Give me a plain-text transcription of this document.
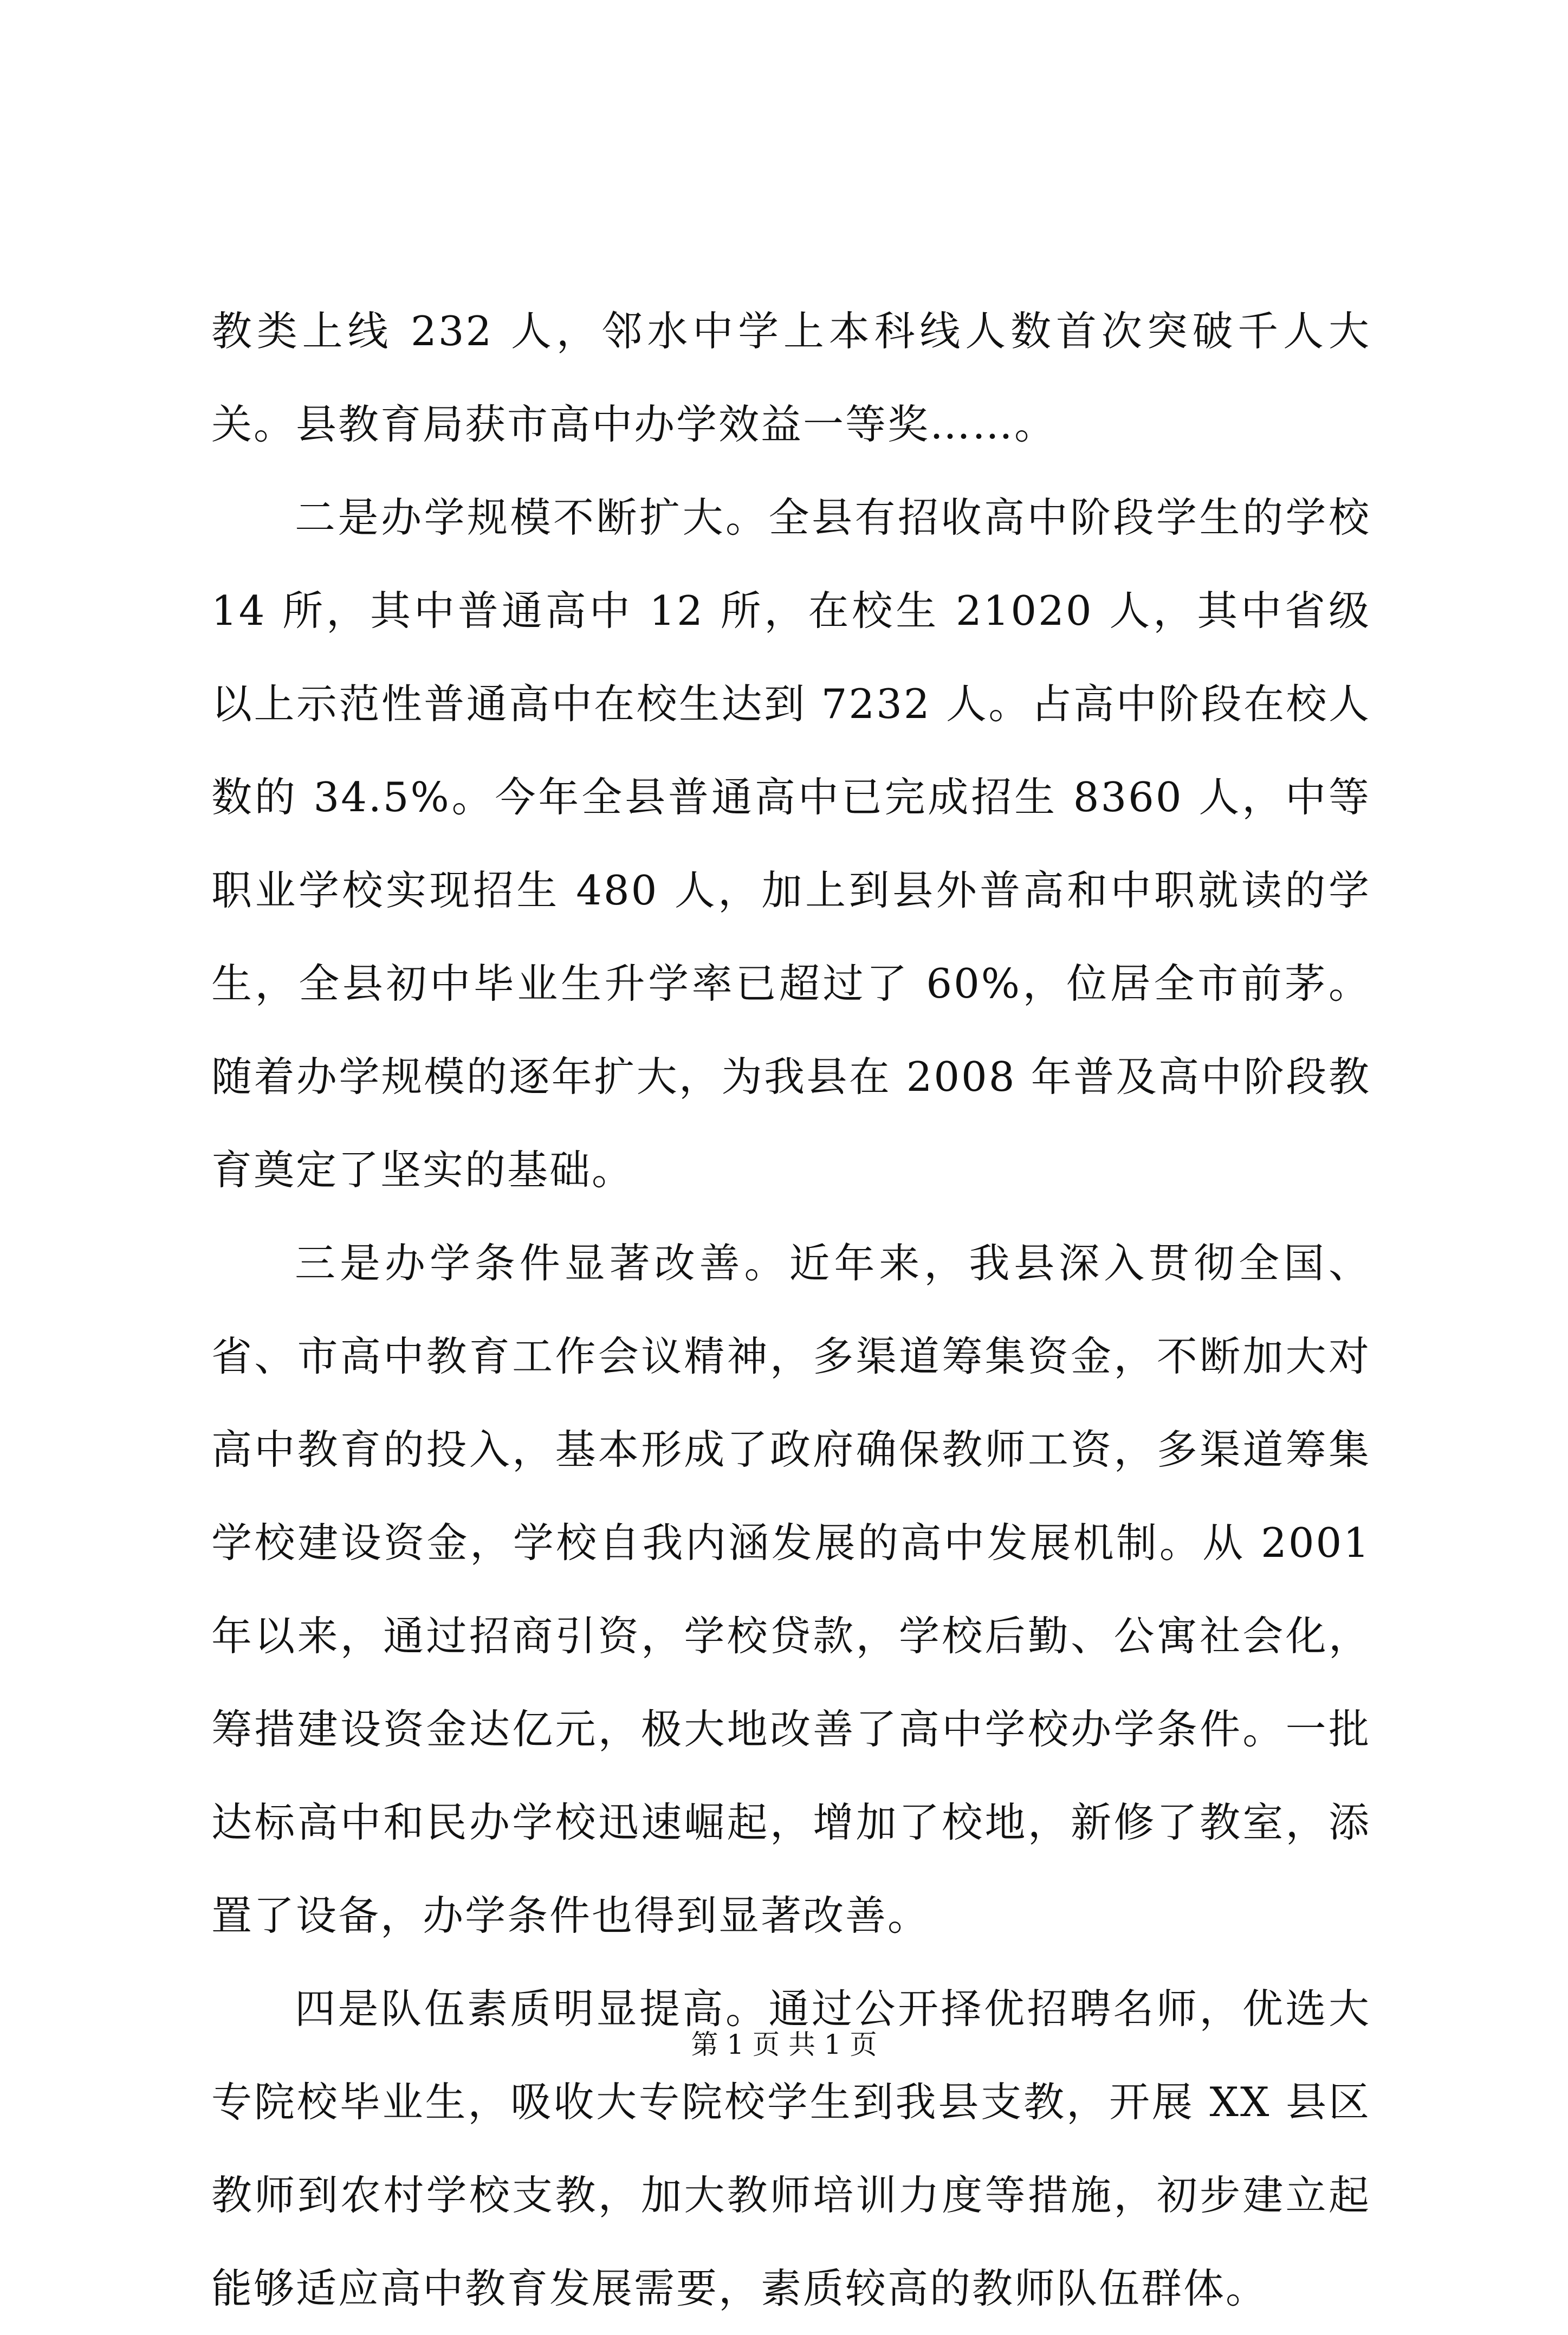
教类上线 232 人，邻水中学上本科线人数首次突破千人大关。县教育局获市高中办学效益一等奖……。

二是办学规模不断扩大。全县有招收高中阶段学生的学校 14 所，其中普通高中 12 所，在校生 21020 人，其中省级以上示范性普通高中在校生达到 7232 人。占高中阶段在校人数的 34.5%。今年全县普通高中已完成招生 8360 人，中等职业学校实现招生 480 人，加上到县外普高和中职就读的学生，全县初中毕业生升学率已超过了 60%，位居全市前茅。随着办学规模的逐年扩大，为我县在 2008 年普及高中阶段教育奠定了坚实的基础。

三是办学条件显著改善。近年来，我县深入贯彻全国、省、市高中教育工作会议精神，多渠道筹集资金，不断加大对高中教育的投入，基本形成了政府确保教师工资，多渠道筹集学校建设资金，学校自我内涵发展的高中发展机制。从 2001 年以来，通过招商引资，学校贷款，学校后勤、公寓社会化，筹措建设资金达亿元，极大地改善了高中学校办学条件。一批达标高中和民办学校迅速崛起，增加了校地，新修了教室，添置了设备，办学条件也得到显著改善。

四是队伍素质明显提高。通过公开择优招聘名师，优选大专院校毕业生，吸收大专院校学生到我县支教，开展 XX 县区教师到农村学校支教，加大教师培训力度等措施，初步建立起能够适应高中教育发展需要，素质较高的教师队伍群体。

第 1 页 共 1 页
